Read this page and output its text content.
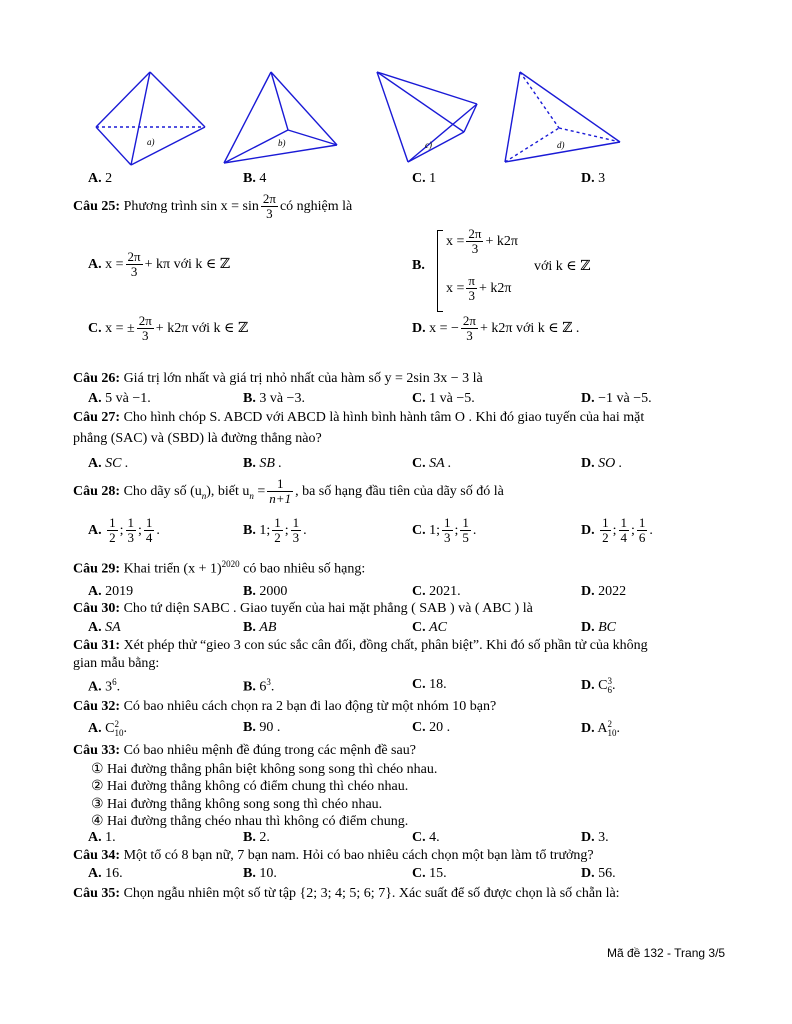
a)	b)	c)	d)
A. 2	B. 4	C. 1	D. 3
Câu 25: Phương trình $\sin x = \sin \frac{2\pi}{3}$ có nghiệm là
A. $x = \frac{2\pi}{3} + k\pi$ với k ∈ ℤ	B.
$x = \frac{2\pi}{3} + k2\pi$
$x = \frac{\pi}{3} + k2\pi$
với k ∈ ℤ
C. x = ± $\frac{2\pi}{3} + k2\pi$ với k ∈ ℤ	D. x = − $\frac{2\pi}{3} + k2\pi$ với k ∈ ℤ .
Câu 26: Giá trị lớn nhất và giá trị nhỏ nhất của hàm số y = 2sin 3x − 3 là
A. 5 và −1.	B. 3 và −3.	C. 1 và −5.	D. −1 và −5.
Câu 27: Cho hình chóp S. ABCD với ABCD là hình bình hành tâm O . Khi đó giao tuyến của hai mặt
phẳng (SAC) và (SBD) là đường thẳng nào?
A. SC .	B. SB .	C. SA .	D. SO .
Câu 28: Cho dãy số $(u_n)$, biết $u_n = \frac{1}{n+1}$ , ba số hạng đầu tiên của dãy số đó là
A. $\frac{1}{2}$ ; $\frac{1}{3}$ ; $\frac{1}{4}$ .	B. 1; $\frac{1}{2}$ ; $\frac{1}{3}$ .	C. 1; $\frac{1}{3}$ ; $\frac{1}{5}$ .	D. $\frac{1}{2}$ ; $\frac{1}{4}$ ; $\frac{1}{6}$ .
Câu 29: Khai triển $(x + 1)^{2020}$ có bao nhiêu số hạng:
A. 2019	B. 2000	C. 2021.	D. 2022
Câu 30: Cho tứ diện SABC . Giao tuyến của hai mặt phẳng ( SAB ) và ( ABC ) là
A. SA	B. AB	C. AC	D. BC
Câu 31: Xét phép thử “gieo 3 con súc sắc cân đối, đồng chất, phân biệt”. Khi đó số phần tử của không
gian mẫu bằng:
A. $3^6$.	B. $6^3$.	C. 18.	D. C 3
6 .
Câu 32: Có bao nhiêu cách chọn ra 2 bạn đi lao động từ một nhóm 10 bạn?
A. C 2
10 .	B. 90 .	C. 20 .	D. A 2
10 .
Câu 33: Có bao nhiêu mệnh đề đúng trong các mệnh đề sau?
① Hai đường thẳng phân biệt không song song thì chéo nhau.
② Hai đường thẳng không có điểm chung thì chéo nhau.
③ Hai đường thẳng không song song thì chéo nhau.
④ Hai đường thẳng chéo nhau thì không có điểm chung.
A. 1.	B. 2.	C. 4.	D. 3.
Câu 34: Một tổ có 8 bạn nữ, 7 bạn nam. Hỏi có bao nhiêu cách chọn một bạn làm tổ trưởng?
A. 16.	B. 10.	C. 15.	D. 56.
Câu 35: Chọn ngẫu nhiên một số từ tập {2; 3; 4; 5; 6; 7}. Xác suất để số được chọn là số chẵn là:
Mã đề 132 - Trang 3/5
